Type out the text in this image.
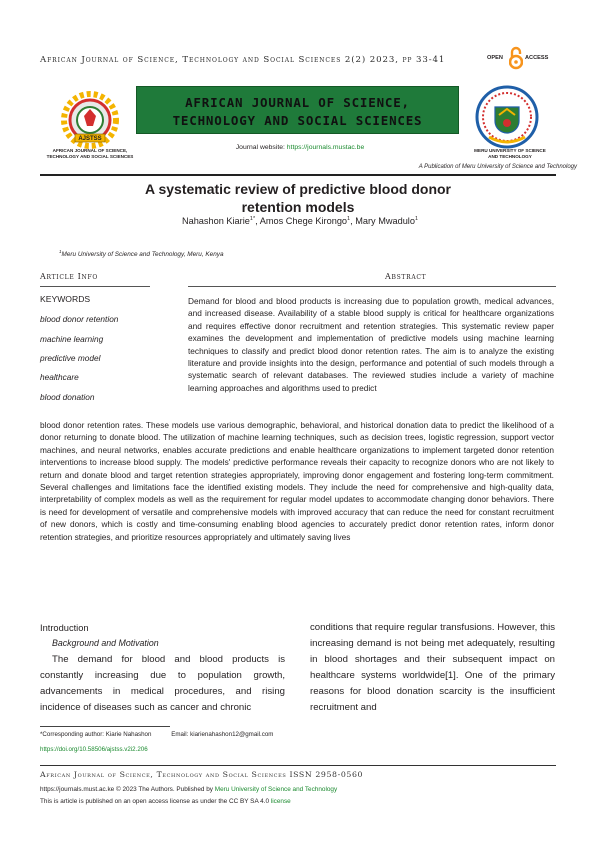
African Journal of Science, Technology and Social Sciences 2(2) 2023, pp 33-41	OPEN	ACCESS
AJSTSS
AFRICAN JOURNAL OF SCIENCE, TECHNOLOGY AND SOCIAL SCIENCES
AFRICAN JOURNAL OF SCIENCE,
TECHNOLOGY AND SOCIAL SCIENCES
MERU UNIVERSITY OF SCIENCE AND TECHNOLOGY
Journal website: https://journals.mustac.be
A Publication of Meru University of Science and Technology
A systematic review of predictive blood donor
retention models
Nahashon Kiarie$^{1*}$, Amos Chege Kirongo$^1$, Mary Mwadulo$^1$
$^1$Meru University of Science and Technology, Meru, Kenya
Article Info	Abstract
KEYWORDS
blood donor retention
machine learning
predictive model
healthcare
blood donation
Demand for blood and blood products is increasing due to population growth, medical advances, and increased disease. Availability of a stable blood supply is critical for healthcare organizations and requires effective donor recruitment and retention strategies. This systematic review paper examines the development and implementation of predictive models using machine learning techniques to classify and predict blood donor retention rates. The aim is to analyze the existing literature and provide insights into the design, performance and potential of such models through a systematic search of relevant databases. The reviewed studies include a variety of machine learning approaches and algorithms used to predict
blood donor retention rates. These models use various demographic, behavioral, and historical donation data to predict the likelihood of a donor returning to donate blood. The utilization of machine learning techniques, such as decision trees, logistic regression, support vector machines, and neural networks, enables accurate predictions and enable healthcare organizations to implement targeted donor retention interventions to increase blood supply. The models' predictive performance reveals their capacity to recognize donors who are not likely to return and donate blood and target retention strategies appropriately, improving donor engagement and fostering long-term commitment. Several challenges and limitations face the identified existing models. They include the need for comprehensive and high-quality data, interpretability of complex models as well as the requirement for regular model updates to accommodate changing donor behaviors. There is need for development of versatile and comprehensive models with improved accuracy that can reduce the need for constant recruitment of new donors, which is costly and time-consuming enabling blood agencies to accurately predict donor retention rates, inform donor retention strategies, and prioritize resources appropriately and ultimately saving lives
Introduction
Background and Motivation
The demand for blood and blood products is constantly increasing due to population growth, advancements in medical procedures, and rising incidence of diseases such as cancer and chronic
conditions that require regular transfusions. However, this increasing demand is not being met adequately, resulting in blood shortages and their subsequent impact on healthcare systems worldwide[1]. One of the primary reasons for blood donation scarcity is the insufficient recruitment and
*Corresponding author: Kiarie Nahashon	Email: kiarienahashon12@gmail.com
https://doi.org/10.58506/ajstss.v2i2.206
African Journal of Science, Technology and Social Sciences ISSN 2958-0560
https://journals.must.ac.ke © 2023 The Authors. Published by Meru University of Science and Technology
This is article is published on an open access license as under the CC BY SA 4.0 license
